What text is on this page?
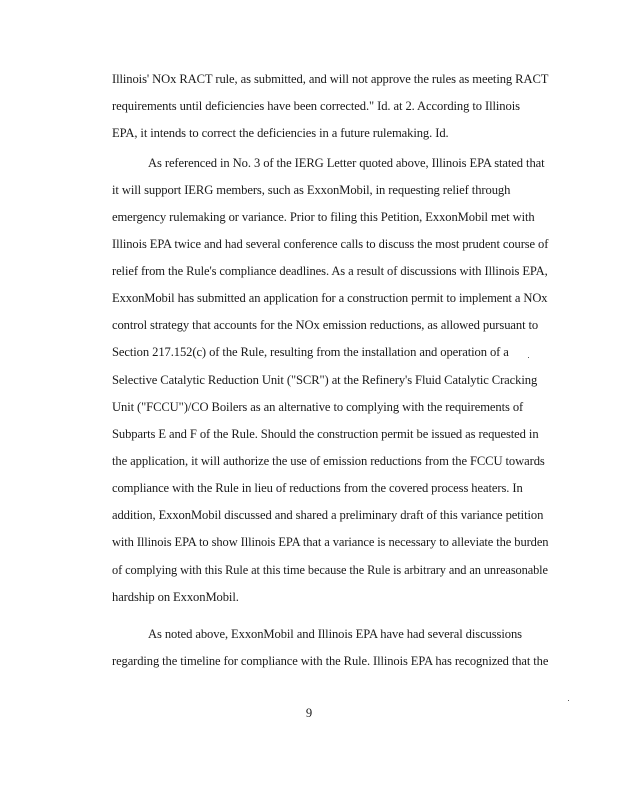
Illinois' NOx RACT rule, as submitted, and will not approve the rules as meeting RACT
requirements until deficiencies have been corrected." Id. at 2. According to Illinois
EPA, it intends to correct the deficiencies in a future rulemaking. Id.
As referenced in No. 3 of the IERG Letter quoted above, Illinois EPA stated that
it will support IERG members, such as ExxonMobil, in requesting relief through
emergency rulemaking or variance. Prior to filing this Petition, ExxonMobil met with
Illinois EPA twice and had several conference calls to discuss the most prudent course of
relief from the Rule's compliance deadlines. As a result of discussions with Illinois EPA,
ExxonMobil has submitted an application for a construction permit to implement a NOx
control strategy that accounts for the NOx emission reductions, as allowed pursuant to
Section 217.152(c) of the Rule, resulting from the installation and operation of a
Selective Catalytic Reduction Unit ("SCR") at the Refinery's Fluid Catalytic Cracking
Unit ("FCCU")/CO Boilers as an alternative to complying with the requirements of
Subparts E and F of the Rule. Should the construction permit be issued as requested in
the application, it will authorize the use of emission reductions from the FCCU towards
compliance with the Rule in lieu of reductions from the covered process heaters. In
addition, ExxonMobil discussed and shared a preliminary draft of this variance petition
with Illinois EPA to show Illinois EPA that a variance is necessary to alleviate the burden
of complying with this Rule at this time because the Rule is arbitrary and an unreasonable
hardship on ExxonMobil.
As noted above, ExxonMobil and Illinois EPA have had several discussions
regarding the timeline for compliance with the Rule. Illinois EPA has recognized that the
9
